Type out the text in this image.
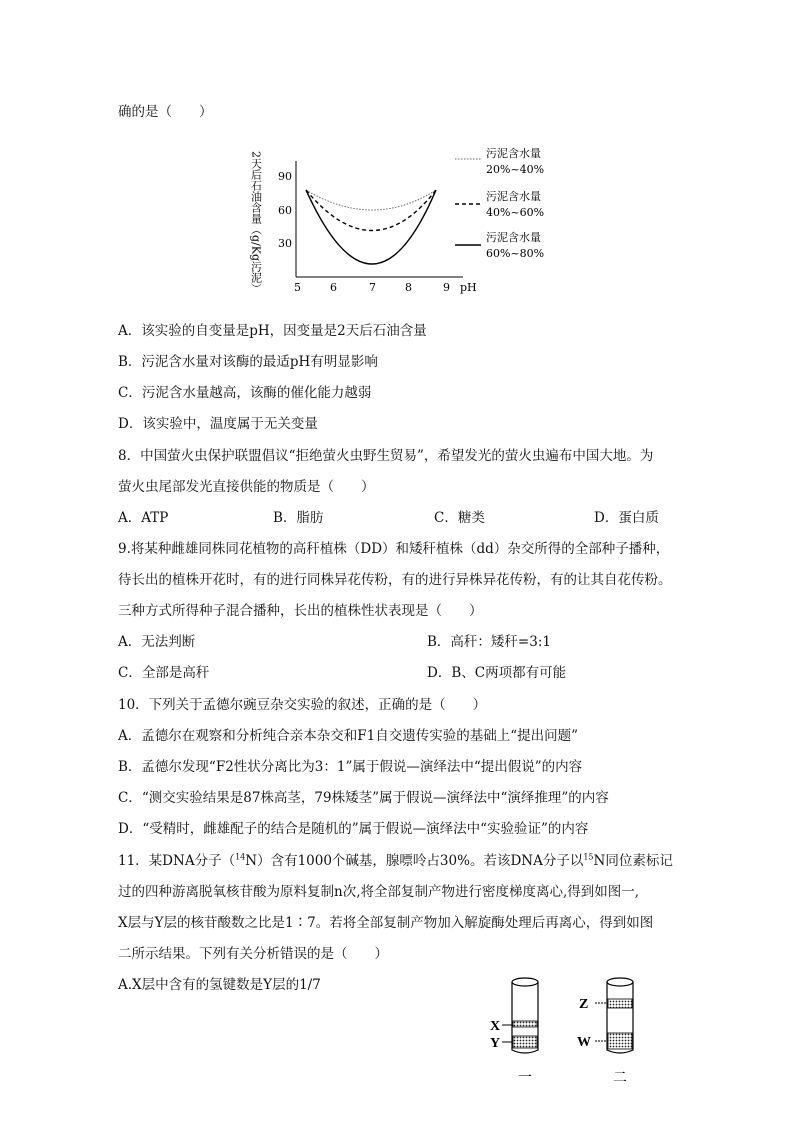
确的是（　　）
2天后石油含量（g/Kg污泥） 90
60
30
5	6	7	8	9 pH
污泥含水量
20%~40%
污泥含水量
40%~60%
污泥含水量
60%~80%
A．该实验的自变量是pH，因变量是2天后石油含量
B．污泥含水量对该酶的最适pH有明显影响
C．污泥含水量越高，该酶的催化能力越弱
D．该实验中，温度属于无关变量
8．中国萤火虫保护联盟倡议“拒绝萤火虫野生贸易”，希望发光的萤火虫遍布中国大地。为
萤火虫尾部发光直接供能的物质是（　　）
A．ATP	B．脂肪	C．糖类	D．蛋白质
9.将某种雌雄同株同花植物的高秆植株（DD）和矮秆植株（dd）杂交所得的全部种子播种，
待长出的植株开花时，有的进行同株异花传粉，有的进行异株异花传粉，有的让其自花传粉。
三种方式所得种子混合播种，长出的植株性状表现是（　　）
A．无法判断	B．高秆：矮秆=3:1
C．全部是高秆	D．B、C两项都有可能
10．下列关于孟德尔豌豆杂交实验的叙述，正确的是（　　）
A．孟德尔在观察和分析纯合亲本杂交和F1自交遗传实验的基础上“提出问题”
B．孟德尔发现“F2性状分离比为3：1”属于假说—演绎法中“提出假说”的内容
C．“测交实验结果是87株高茎，79株矮茎”属于假说—演绎法中“演绎推理”的内容
D．“受精时，雌雄配子的结合是随机的”属于假说—演绎法中“实验验证”的内容
11．某DNA分子（$^{14}$N）含有1000个碱基，腺嘌呤占30%。若该DNA分子以$^{15}$N同位素标记
过的四种游离脱氧核苷酸为原料复制n次,将全部复制产物进行密度梯度离心,得到如图一,
X层与Y层的核苷酸数之比是1∶7。若将全部复制产物加入解旋酶处理后再离心，得到如图
二所示结果。下列有关分析错误的是（　　）
A.X层中含有的氢键数是Y层的1/7
X
Y
一
Z
W
二
